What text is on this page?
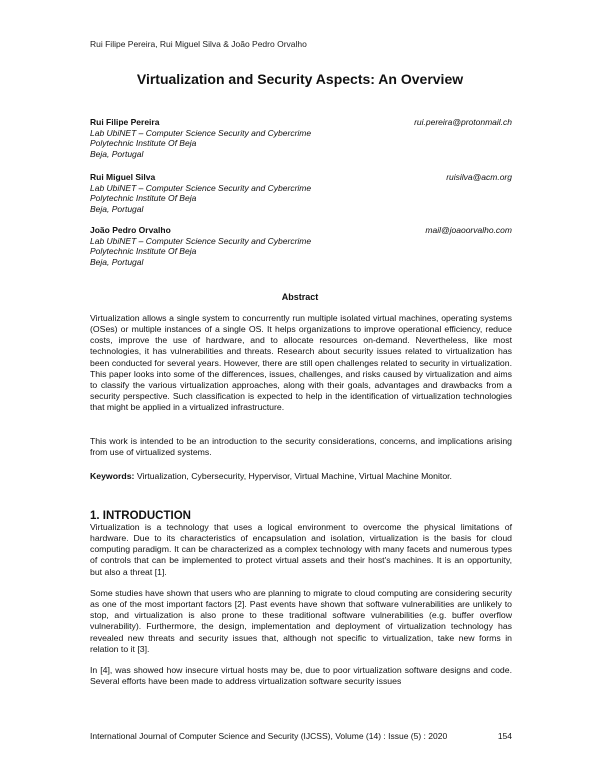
Rui Filipe Pereira, Rui Miguel Silva & João Pedro Orvalho
Virtualization and Security Aspects: An Overview
Rui Filipe Pereira	rui.pereira@protonmail.ch
Lab UbiNET – Computer Science Security and Cybercrime
Polytechnic Institute Of Beja
Beja, Portugal
Rui Miguel Silva	ruisilva@acm.org
Lab UbiNET – Computer Science Security and Cybercrime
Polytechnic Institute Of Beja
Beja, Portugal
João Pedro Orvalho	mail@joaoorvalho.com
Lab UbiNET – Computer Science Security and Cybercrime
Polytechnic Institute Of Beja
Beja, Portugal
Abstract
Virtualization allows a single system to concurrently run multiple isolated virtual machines, operating systems (OSes) or multiple instances of a single OS. It helps organizations to improve operational efficiency, reduce costs, improve the use of hardware, and to allocate resources on-demand. Nevertheless, like most technologies, it has vulnerabilities and threats. Research about security issues related to virtualization has been conducted for several years. However, there are still open challenges related to security in virtualization. This paper looks into some of the differences, issues, challenges, and risks caused by virtualization and aims to classify the various virtualization approaches, along with their goals, advantages and drawbacks from a security perspective. Such classification is expected to help in the identification of virtualization technologies that might be applied in a virtualized infrastructure.
This work is intended to be an introduction to the security considerations, concerns, and implications arising from use of virtualized systems.
Keywords: Virtualization, Cybersecurity, Hypervisor, Virtual Machine, Virtual Machine Monitor.
1. INTRODUCTION
Virtualization is a technology that uses a logical environment to overcome the physical limitations of hardware. Due to its characteristics of encapsulation and isolation, virtualization is the basis for cloud computing paradigm. It can be characterized as a complex technology with many facets and numerous types of controls that can be implemented to protect virtual assets and their host's machines. It is an opportunity, but also a threat [1].
Some studies have shown that users who are planning to migrate to cloud computing are considering security as one of the most important factors [2]. Past events have shown that software vulnerabilities are unlikely to stop, and virtualization is also prone to these traditional software vulnerabilities (e.g. buffer overflow vulnerability). Furthermore, the design, implementation and deployment of virtualization technology has revealed new threats and security issues that, although not specific to virtualization, take new forms in relation to it [3].
In [4], was showed how insecure virtual hosts may be, due to poor virtualization software designs and code. Several efforts have been made to address virtualization software security issues
International Journal of Computer Science and Security (IJCSS), Volume (14) : Issue (5) : 2020	154
